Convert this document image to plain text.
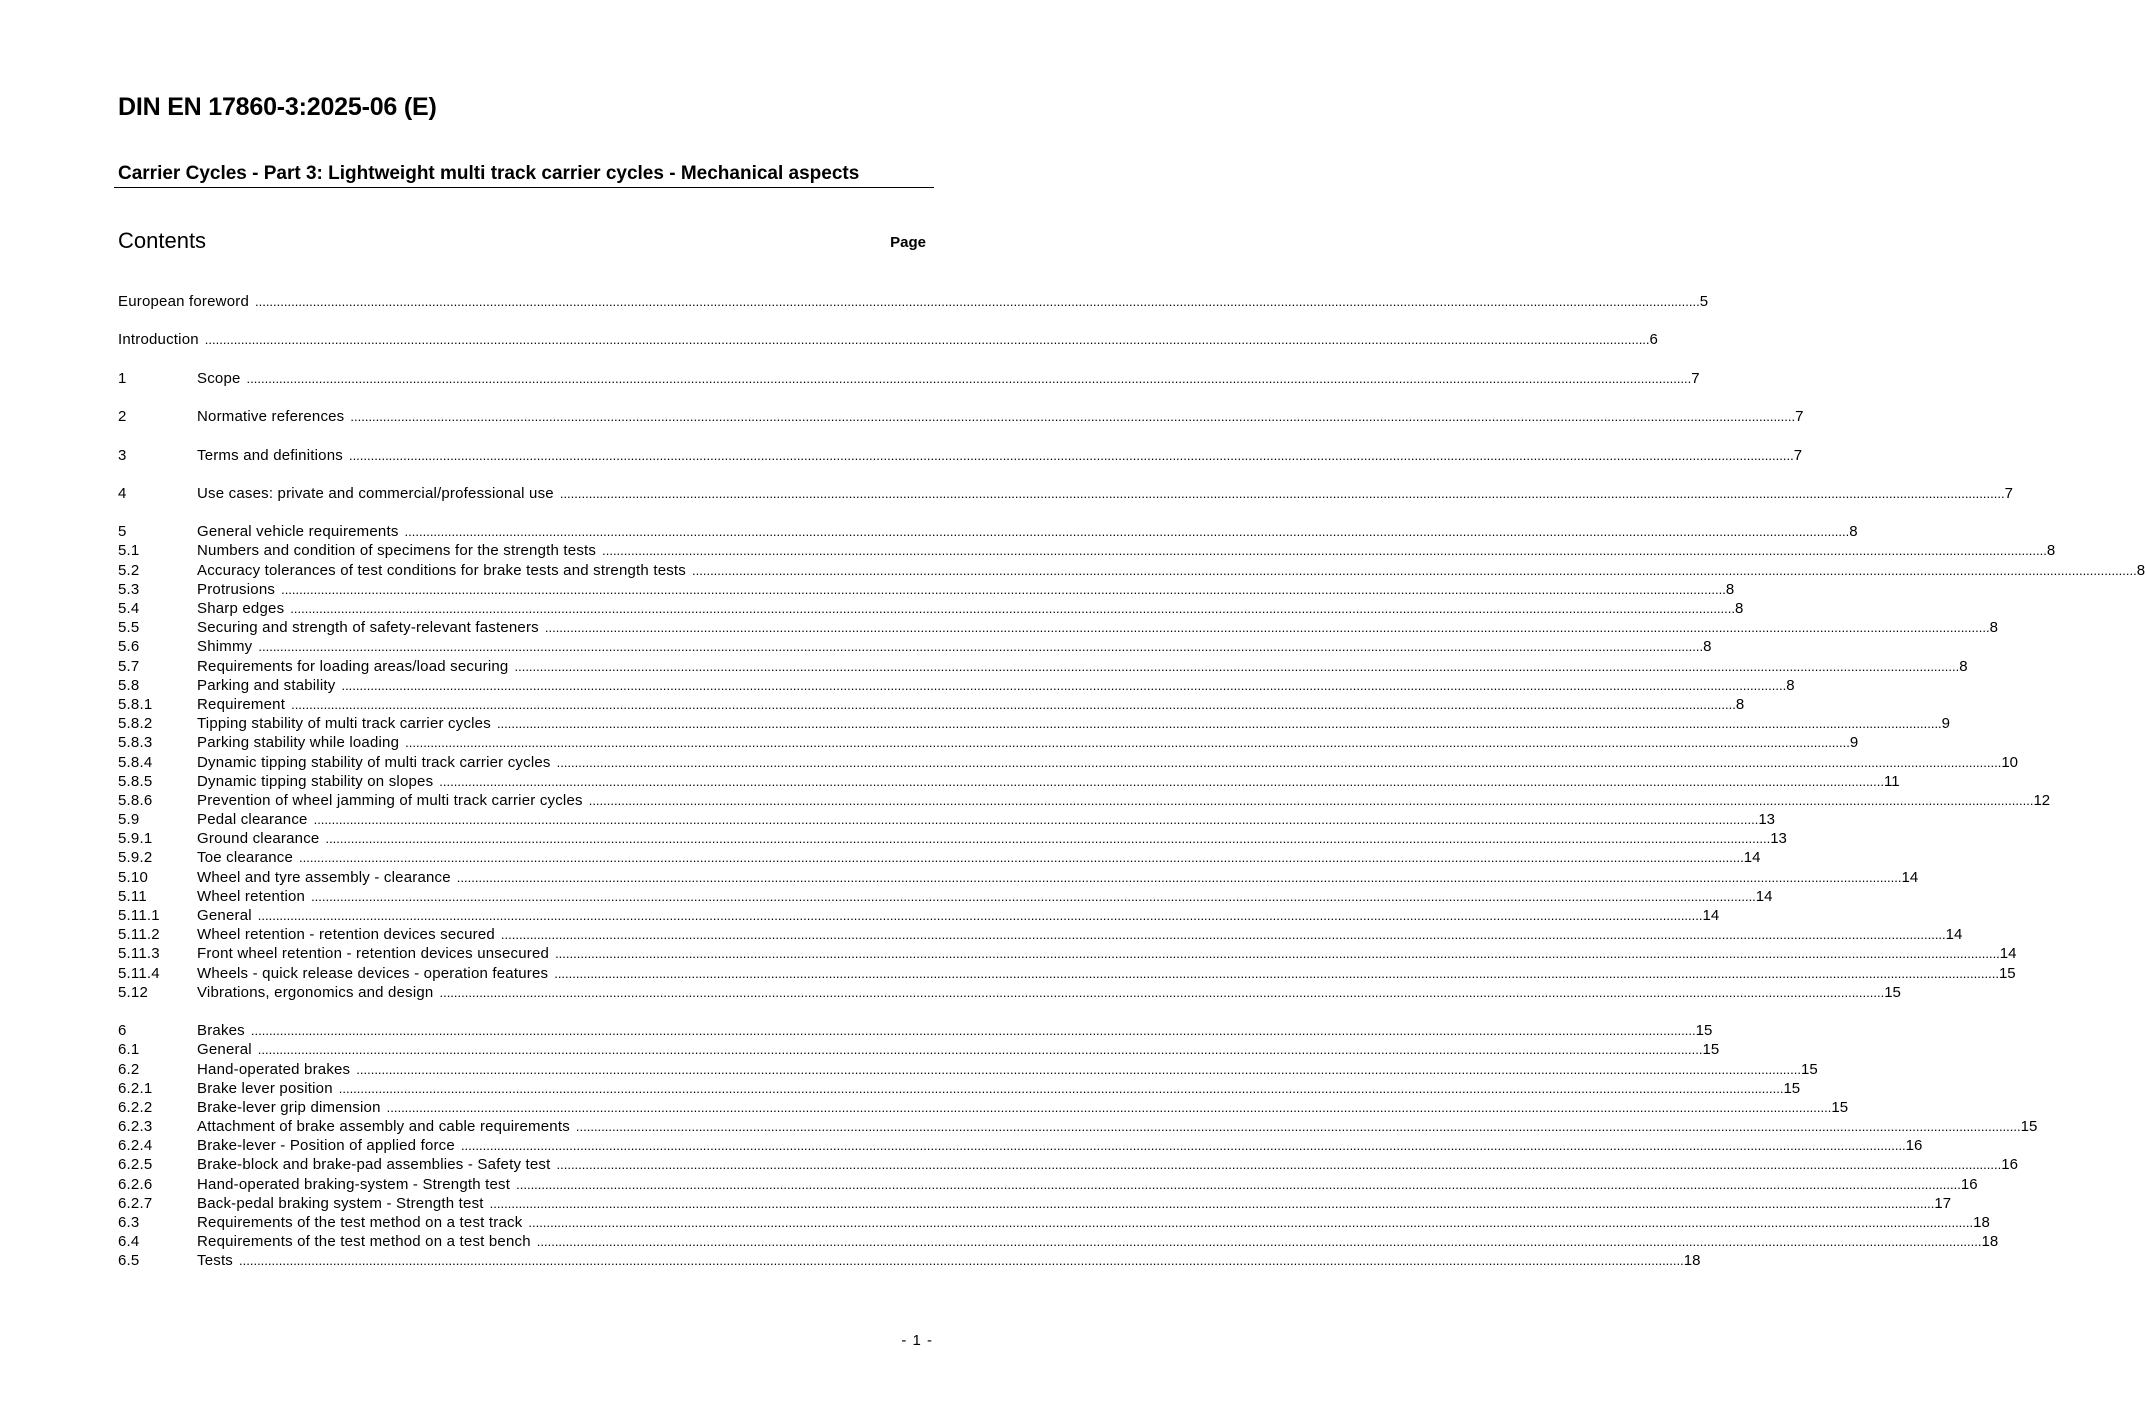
DIN EN 17860-3:2025-06 (E)
Carrier Cycles - Part 3: Lightweight multi track carrier cycles - Mechanical aspects
Contents	Page
European foreword ................................................................................................................................................................................................................................................................................................................................................................................................................ 5
Introduction ................................................................................................................................................................................................................................................................................................................................................................................................................ 6
1	Scope ................................................................................................................................................................................................................................................................................................................................................................................................................ 7
2	Normative references ................................................................................................................................................................................................................................................................................................................................................................................................................ 7
3	Terms and definitions ................................................................................................................................................................................................................................................................................................................................................................................................................ 7
4	Use cases: private and commercial/professional use ................................................................................................................................................................................................................................................................................................................................................................................................................ 7
5	General vehicle requirements ................................................................................................................................................................................................................................................................................................................................................................................................................ 8
5.1	Numbers and condition of specimens for the strength tests ................................................................................................................................................................................................................................................................................................................................................................................................................ 8
5.2	Accuracy tolerances of test conditions for brake tests and strength tests ................................................................................................................................................................................................................................................................................................................................................................................................................ 8
5.3	Protrusions ................................................................................................................................................................................................................................................................................................................................................................................................................ 8
5.4	Sharp edges ................................................................................................................................................................................................................................................................................................................................................................................................................ 8
5.5	Securing and strength of safety-relevant fasteners ................................................................................................................................................................................................................................................................................................................................................................................................................ 8
5.6	Shimmy ................................................................................................................................................................................................................................................................................................................................................................................................................ 8
5.7	Requirements for loading areas/load securing ................................................................................................................................................................................................................................................................................................................................................................................................................ 8
5.8	Parking and stability ................................................................................................................................................................................................................................................................................................................................................................................................................ 8
5.8.1	Requirement ................................................................................................................................................................................................................................................................................................................................................................................................................ 8
5.8.2	Tipping stability of multi track carrier cycles ................................................................................................................................................................................................................................................................................................................................................................................................................ 9
5.8.3	Parking stability while loading ................................................................................................................................................................................................................................................................................................................................................................................................................ 9
5.8.4	Dynamic tipping stability of multi track carrier cycles ................................................................................................................................................................................................................................................................................................................................................................................................................ 10
5.8.5	Dynamic tipping stability on slopes ................................................................................................................................................................................................................................................................................................................................................................................................................ 11
5.8.6	Prevention of wheel jamming of multi track carrier cycles ................................................................................................................................................................................................................................................................................................................................................................................................................ 12
5.9	Pedal clearance ................................................................................................................................................................................................................................................................................................................................................................................................................ 13
5.9.1	Ground clearance ................................................................................................................................................................................................................................................................................................................................................................................................................ 13
5.9.2	Toe clearance ................................................................................................................................................................................................................................................................................................................................................................................................................ 14
5.10	Wheel and tyre assembly - clearance ................................................................................................................................................................................................................................................................................................................................................................................................................ 14
5.11	Wheel retention ................................................................................................................................................................................................................................................................................................................................................................................................................ 14
5.11.1	General ................................................................................................................................................................................................................................................................................................................................................................................................................ 14
5.11.2	Wheel retention - retention devices secured ................................................................................................................................................................................................................................................................................................................................................................................................................ 14
5.11.3	Front wheel retention - retention devices unsecured ................................................................................................................................................................................................................................................................................................................................................................................................................ 14
5.11.4	Wheels - quick release devices - operation features ................................................................................................................................................................................................................................................................................................................................................................................................................ 15
5.12	Vibrations, ergonomics and design ................................................................................................................................................................................................................................................................................................................................................................................................................ 15
6	Brakes ................................................................................................................................................................................................................................................................................................................................................................................................................ 15
6.1	General ................................................................................................................................................................................................................................................................................................................................................................................................................ 15
6.2	Hand-operated brakes ................................................................................................................................................................................................................................................................................................................................................................................................................ 15
6.2.1	Brake lever position ................................................................................................................................................................................................................................................................................................................................................................................................................ 15
6.2.2	Brake-lever grip dimension ................................................................................................................................................................................................................................................................................................................................................................................................................ 15
6.2.3	Attachment of brake assembly and cable requirements ................................................................................................................................................................................................................................................................................................................................................................................................................ 15
6.2.4	Brake-lever - Position of applied force ................................................................................................................................................................................................................................................................................................................................................................................................................ 16
6.2.5	Brake-block and brake-pad assemblies - Safety test ................................................................................................................................................................................................................................................................................................................................................................................................................ 16
6.2.6	Hand-operated braking-system - Strength test ................................................................................................................................................................................................................................................................................................................................................................................................................ 16
6.2.7	Back-pedal braking system - Strength test ................................................................................................................................................................................................................................................................................................................................................................................................................ 17
6.3	Requirements of the test method on a test track ................................................................................................................................................................................................................................................................................................................................................................................................................ 18
6.4	Requirements of the test method on a test bench ................................................................................................................................................................................................................................................................................................................................................................................................................ 18
6.5	Tests ................................................................................................................................................................................................................................................................................................................................................................................................................ 18
- 1 -
